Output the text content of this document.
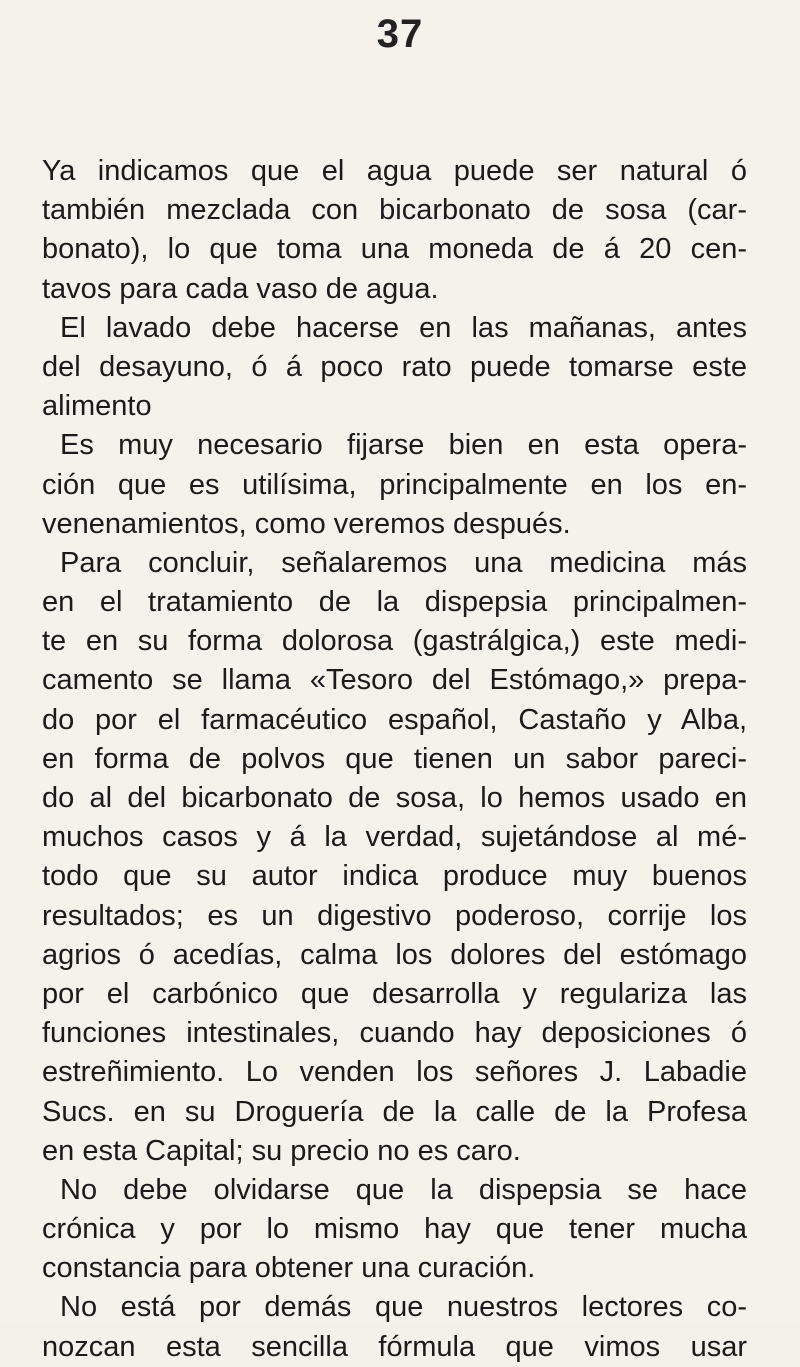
37
Ya indicamos que el agua puede ser natural ó
también mezclada con bicarbonato de sosa (car-
bonato), lo que toma una moneda de á 20 cen-
tavos para cada vaso de agua.
El lavado debe hacerse en las mañanas, antes
del desayuno, ó á poco rato puede tomarse este
alimento
Es muy necesario fijarse bien en esta opera-
ción que es utilísima, principalmente en los en-
venenamientos, como veremos después.
Para concluir, señalaremos una medicina más
en el tratamiento de la dispepsia principalmen-
te en su forma dolorosa (gastrálgica,) este medi-
camento se llama «Tesoro del Estómago,» prepa-
do por el farmacéutico español, Castaño y Alba,
en forma de polvos que tienen un sabor pareci-
do al del bicarbonato de sosa, lo hemos usado en
muchos casos y á la verdad, sujetándose al mé-
todo que su autor indica produce muy buenos
resultados; es un digestivo poderoso, corrije los
agrios ó acedías, calma los dolores del estómago
por el carbónico que desarrolla y regulariza las
funciones intestinales, cuando hay deposiciones ó
estreñimiento. Lo venden los señores J. Labadie
Sucs. en su Droguería de la calle de la Profesa
en esta Capital; su precio no es caro.
No debe olvidarse que la dispepsia se hace
crónica y por lo mismo hay que tener mucha
constancia para obtener una curación.
No está por demás que nuestros lectores co-
nozcan esta sencilla fórmula que vimos usar
